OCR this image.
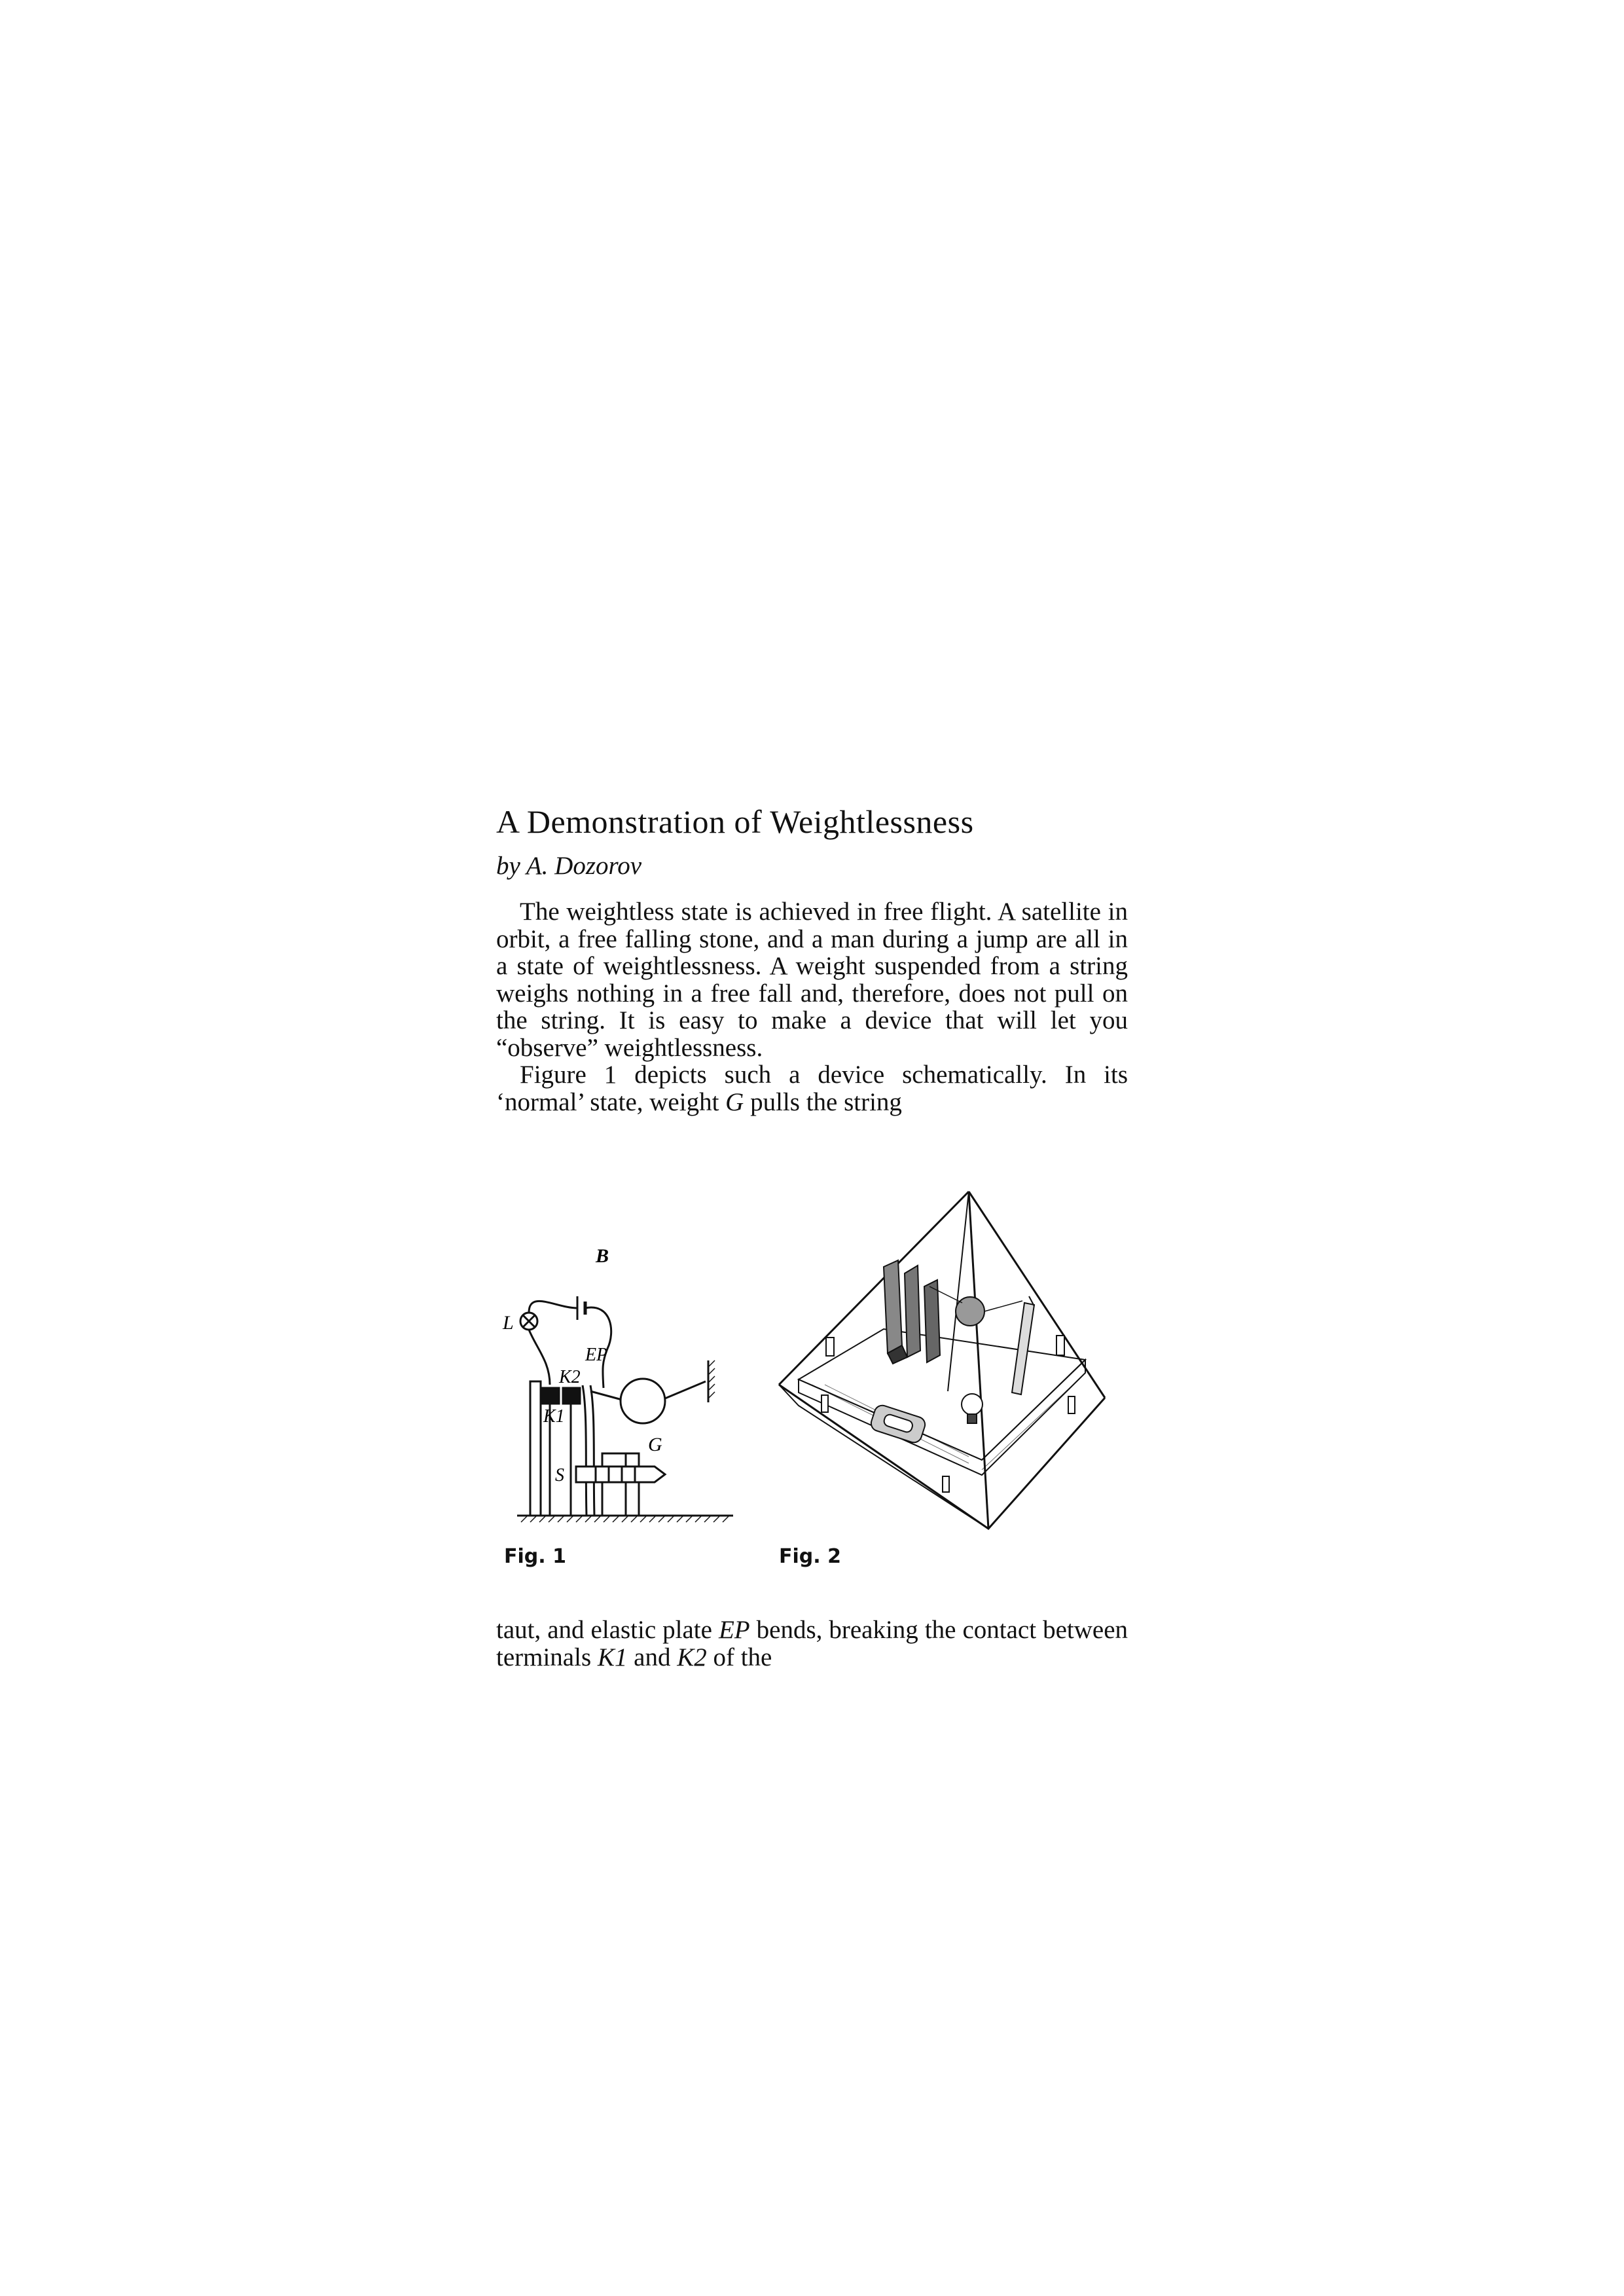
A Demonstration of Weightlessness
by A. Dozorov
The weightless state is achieved in free flight. A satellite in orbit, a free falling stone, and a man during a jump are all in a state of weightlessness. A weight suspended from a string weighs nothing in a free fall and, therefore, does not pull on the string. It is easy to make a device that will let you “observe” weightlessness.
Figure 1 depicts such a device schematically. In its ‘normal’ state, weight G pulls the string
B
L
K2
EP
K1
G
S
Fig. 1	Fig. 2
taut, and elastic plate EP bends, breaking the contact between terminals K1 and K2 of the
